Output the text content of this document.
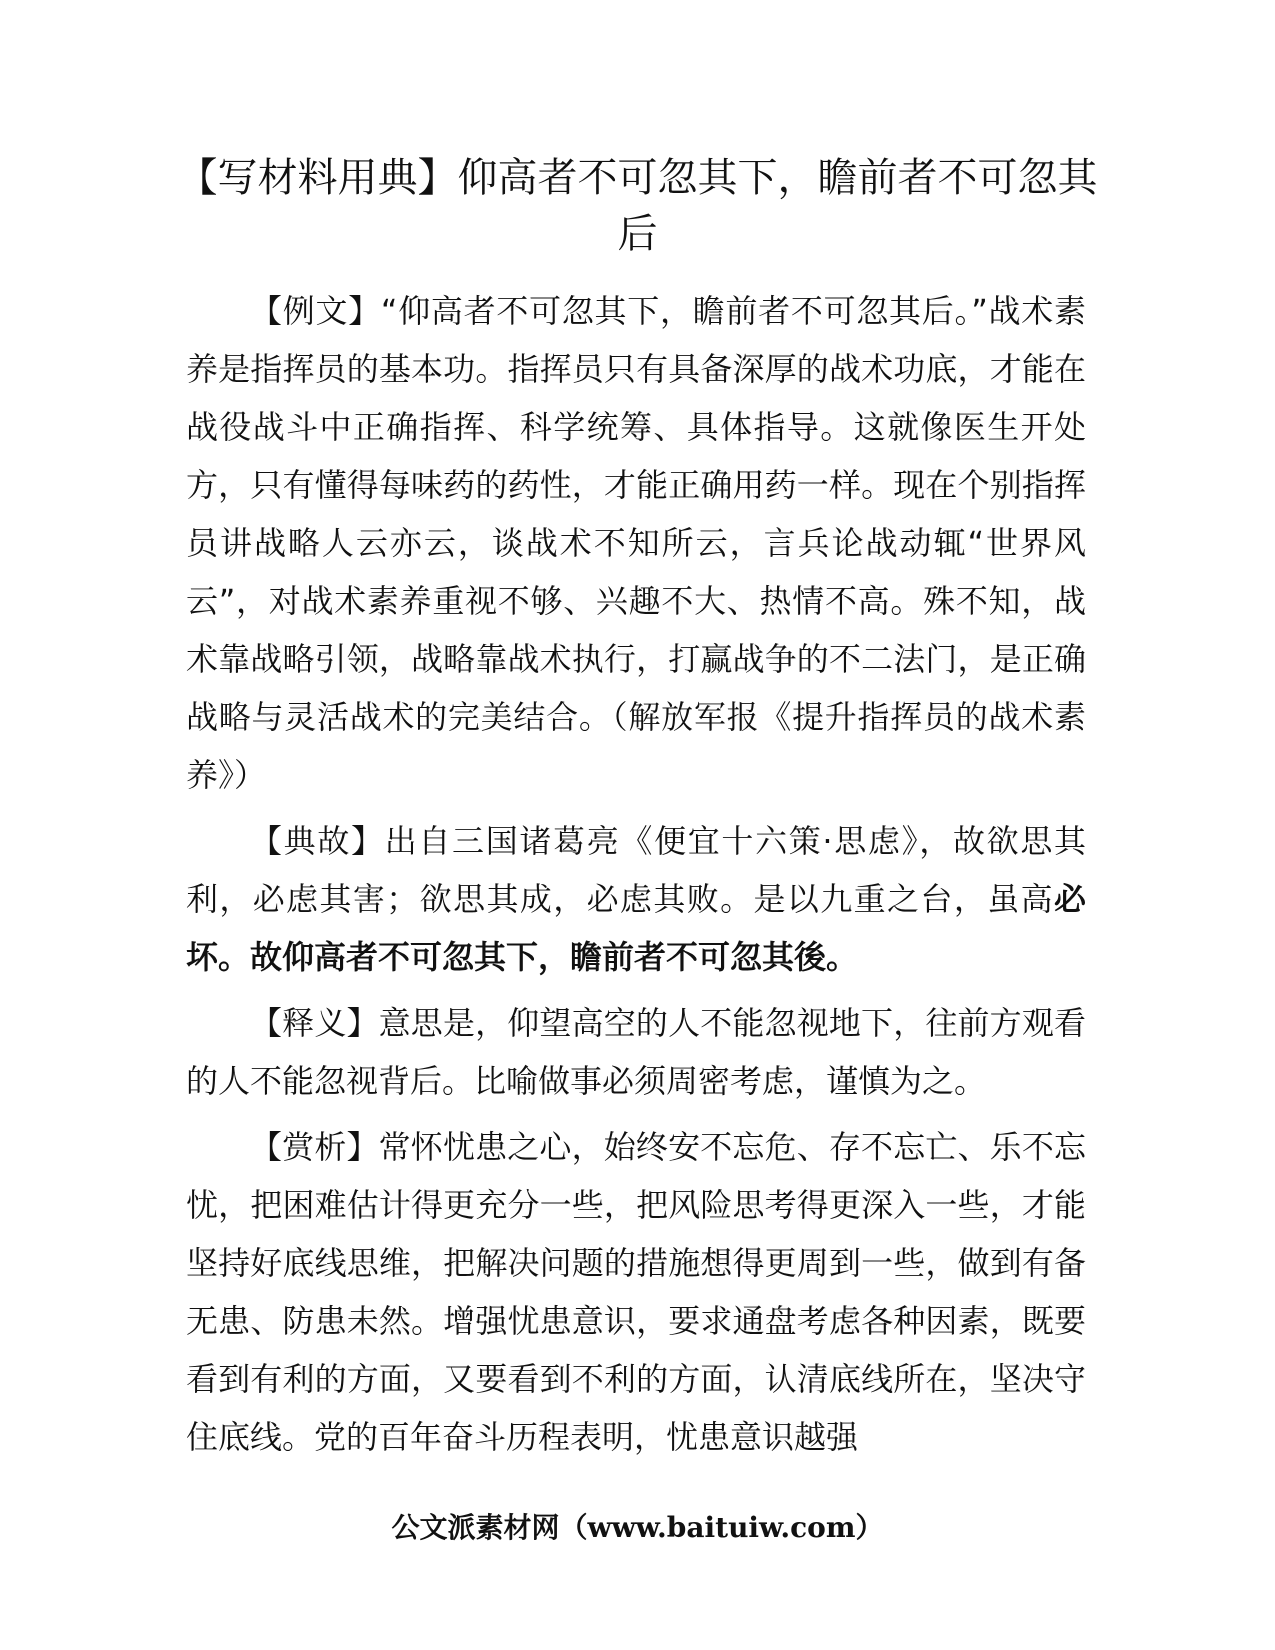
【写材料用典】仰高者不可忽其下，瞻前者不可忽其后

【例文】“仰高者不可忽其下，瞻前者不可忽其后。”战术素养是指挥员的基本功。指挥员只有具备深厚的战术功底，才能在战役战斗中正确指挥、科学统筹、具体指导。这就像医生开处方，只有懂得每味药的药性，才能正确用药一样。现在个别指挥员讲战略人云亦云，谈战术不知所云，言兵论战动辄“世界风云”，对战术素养重视不够、兴趣不大、热情不高。殊不知，战术靠战略引领，战略靠战术执行，打赢战争的不二法门，是正确战略与灵活战术的完美结合。（解放军报《提升指挥员的战术素养》）

【典故】出自三国诸葛亮《便宜十六策·思虑》，故欲思其利，必虑其害；欲思其成，必虑其败。是以九重之台，虽高必坏。故仰高者不可忽其下，瞻前者不可忽其後。

【释义】意思是，仰望高空的人不能忽视地下，往前方观看的人不能忽视背后。比喻做事必须周密考虑，谨慎为之。

【赏析】常怀忧患之心，始终安不忘危、存不忘亡、乐不忘忧，把困难估计得更充分一些，把风险思考得更深入一些，才能坚持好底线思维，把解决问题的措施想得更周到一些，做到有备无患、防患未然。增强忧患意识，要求通盘考虑各种因素，既要看到有利的方面，又要看到不利的方面，认清底线所在，坚决守住底线。党的百年奋斗历程表明，忧患意识越强

公文派素材网（www.baituiw.com）
